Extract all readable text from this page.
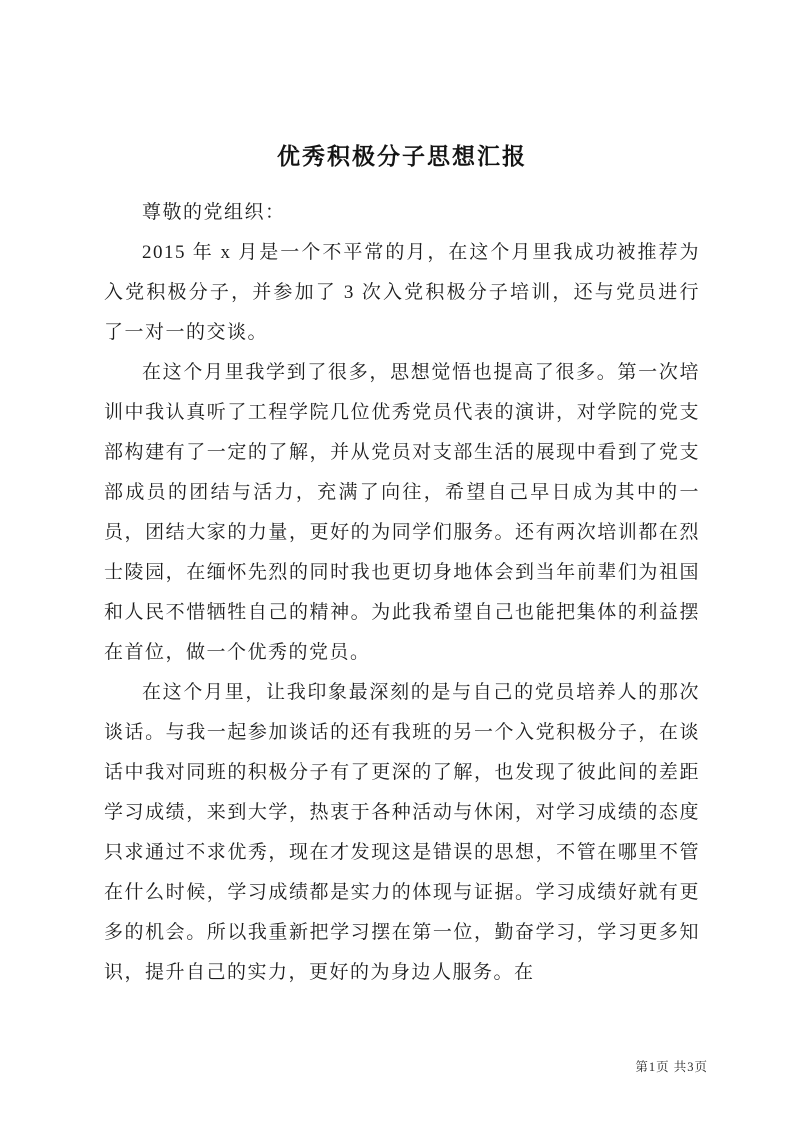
优秀积极分子思想汇报

尊敬的党组织：

2015 年 x 月是一个不平常的月，在这个月里我成功被推荐为入党积极分子，并参加了 3 次入党积极分子培训，还与党员进行了一对一的交谈。

在这个月里我学到了很多，思想觉悟也提高了很多。第一次培训中我认真听了工程学院几位优秀党员代表的演讲，对学院的党支部构建有了一定的了解，并从党员对支部生活的展现中看到了党支部成员的团结与活力，充满了向往，希望自己早日成为其中的一员，团结大家的力量，更好的为同学们服务。还有两次培训都在烈士陵园，在缅怀先烈的同时我也更切身地体会到当年前辈们为祖国和人民不惜牺牲自己的精神。为此我希望自己也能把集体的利益摆在首位，做一个优秀的党员。

在这个月里，让我印象最深刻的是与自己的党员培养人的那次谈话。与我一起参加谈话的还有我班的另一个入党积极分子，在谈话中我对同班的积极分子有了更深的了解，也发现了彼此间的差距学习成绩，来到大学，热衷于各种活动与休闲，对学习成绩的态度只求通过不求优秀，现在才发现这是错误的思想，不管在哪里不管在什么时候，学习成绩都是实力的体现与证据。学习成绩好就有更多的机会。所以我重新把学习摆在第一位，勤奋学习，学习更多知识，提升自己的实力，更好的为身边人服务。在

第1页 共3页
